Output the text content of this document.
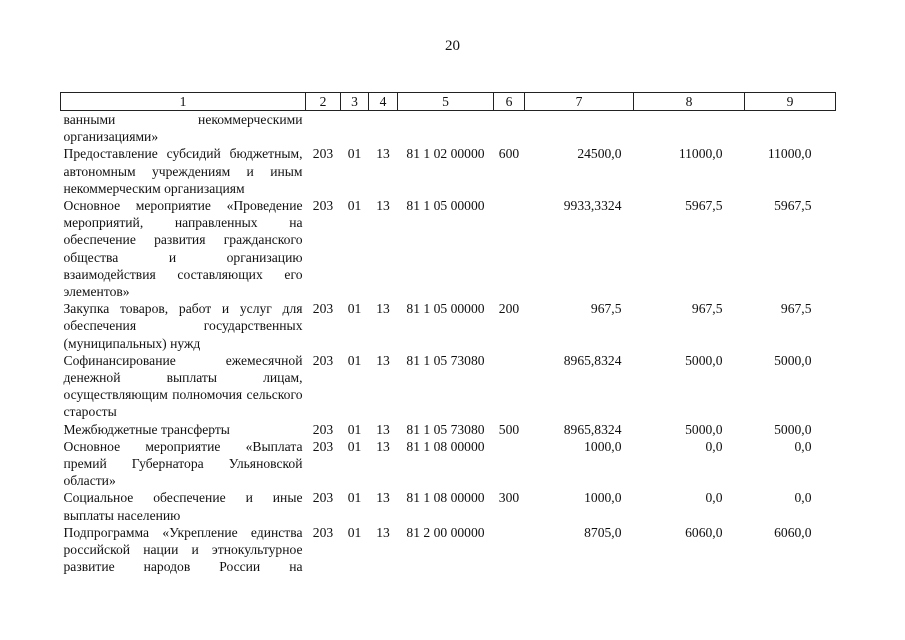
20
1	2	3	4	5	6	7	8	9
ванными некоммерческими организациями»								
Предоставление субсидий бюджетным, автономным учреждениям и иным некоммерческим организациям	203	01	13	81 1 02 00000	600	24500,0	11000,0	11000,0
Основное мероприятие «Проведение мероприятий, направленных на обеспечение развития гражданского общества и организацию взаимодействия составляющих его элементов»	203	01	13	81 1 05 00000		9933,3324	5967,5	5967,5
Закупка товаров, работ и услуг для обеспечения государственных (муниципальных) нужд	203	01	13	81 1 05 00000	200	967,5	967,5	967,5
Софинансирование ежемесячной денежной выплаты лицам, осуществляющим полномочия сельского старосты	203	01	13	81 1 05 73080		8965,8324	5000,0	5000,0
Межбюджетные трансферты	203	01	13	81 1 05 73080	500	8965,8324	5000,0	5000,0
Основное мероприятие «Выплата премий Губернатора Ульяновской области»	203	01	13	81 1 08 00000		1000,0	0,0	0,0
Социальное обеспечение и иные выплаты населению	203	01	13	81 1 08 00000	300	1000,0	0,0	0,0
Подпрограмма «Укрепление единства российской нации и этнокультурное развитие народов России на	203	01	13	81 2 00 00000		8705,0	6060,0	6060,0
